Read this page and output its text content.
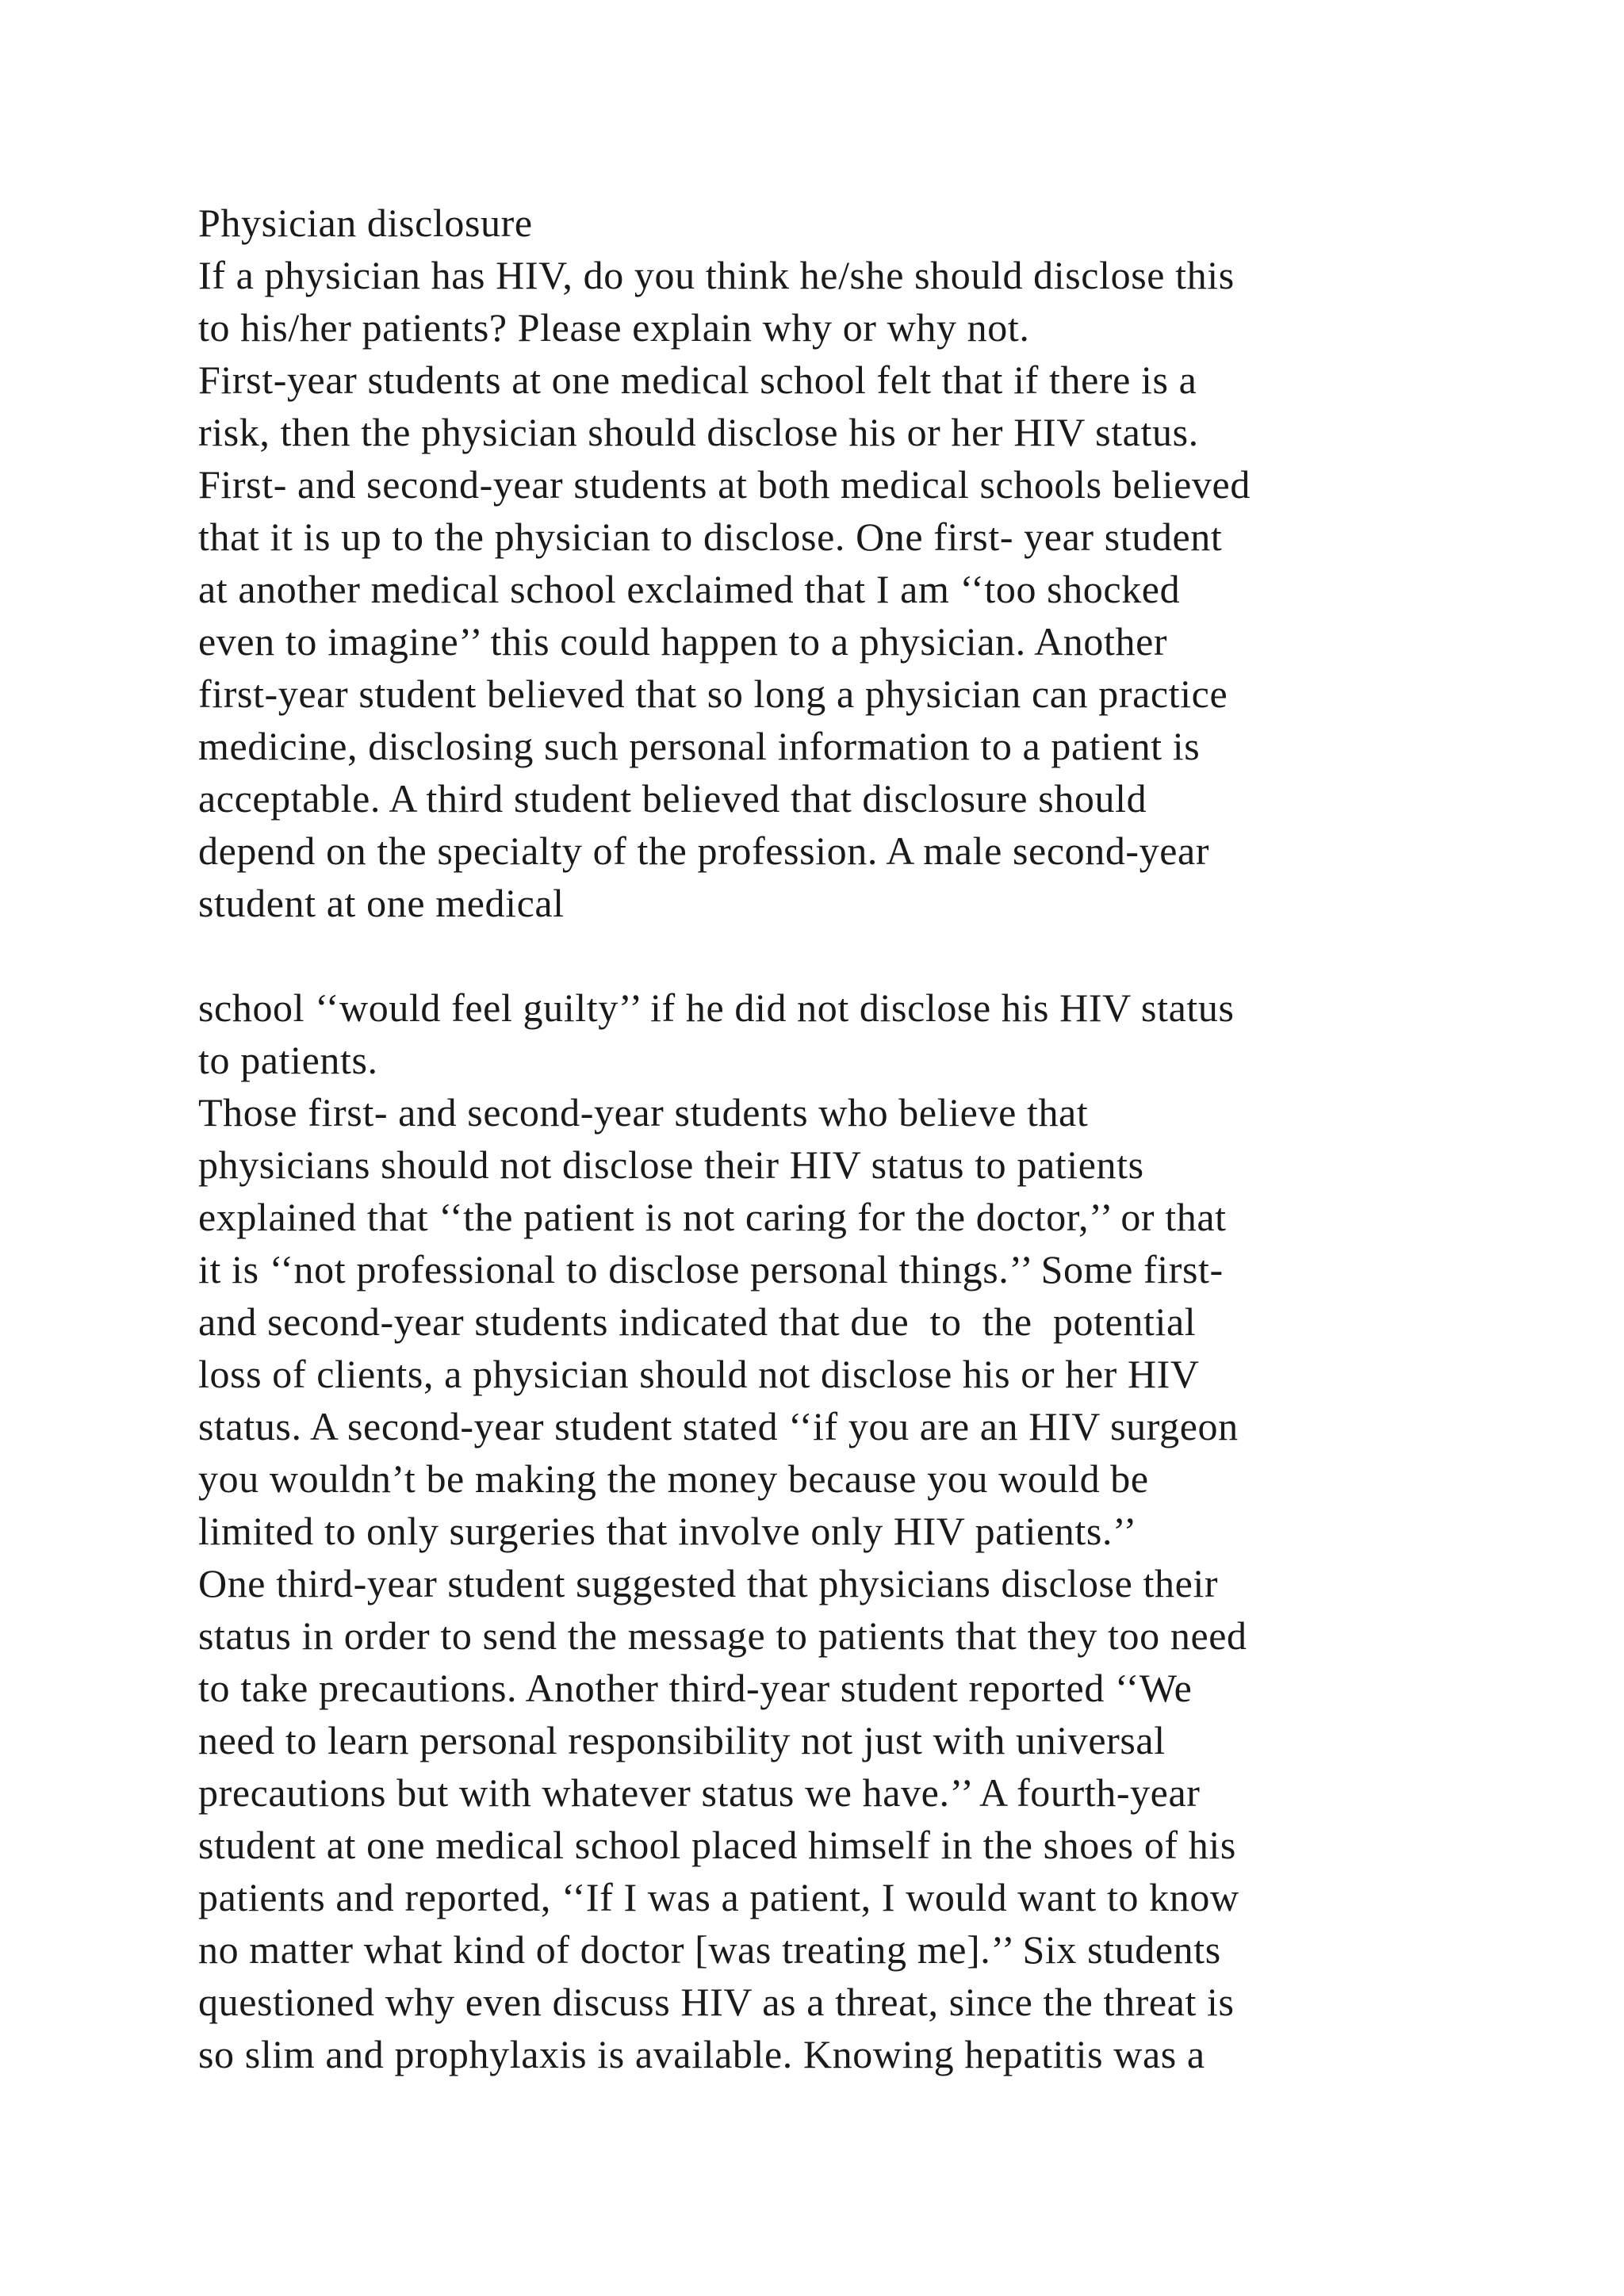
Physician disclosure
If a physician has HIV, do you think he/she should disclose this
to his/her patients? Please explain why or why not.
First-year students at one medical school felt that if there is a
risk, then the physician should disclose his or her HIV status.
First- and second-year students at both medical schools believed
that it is up to the physician to disclose. One first- year student
at another medical school exclaimed that I am ‘‘too shocked
even to imagine’’ this could happen to a physician. Another
first-year student believed that so long a physician can practice
medicine, disclosing such personal information to a patient is
acceptable. A third student believed that disclosure should
depend on the specialty of the profession. A male second-year
student at one medical
school ‘‘would feel guilty’’ if he did not disclose his HIV status
to patients.
Those first- and second-year students who believe that
physicians should not disclose their HIV status to patients
explained that ‘‘the patient is not caring for the doctor,’’ or that
it is ‘‘not professional to disclose personal things.’’ Some first-
and second-year students indicated that due  to  the  potential
loss of clients, a physician should not disclose his or her HIV
status. A second-year student stated ‘‘if you are an HIV surgeon
you wouldn’t be making the money because you would be
limited to only surgeries that involve only HIV patients.’’
One third-year student suggested that physicians disclose their
status in order to send the message to patients that they too need
to take precautions. Another third-year student reported ‘‘We
need to learn personal responsibility not just with universal
precautions but with whatever status we have.’’ A fourth-year
student at one medical school placed himself in the shoes of his
patients and reported, ‘‘If I was a patient, I would want to know
no matter what kind of doctor [was treating me].’’ Six students
questioned why even discuss HIV as a threat, since the threat is
so slim and prophylaxis is available. Knowing hepatitis was a
